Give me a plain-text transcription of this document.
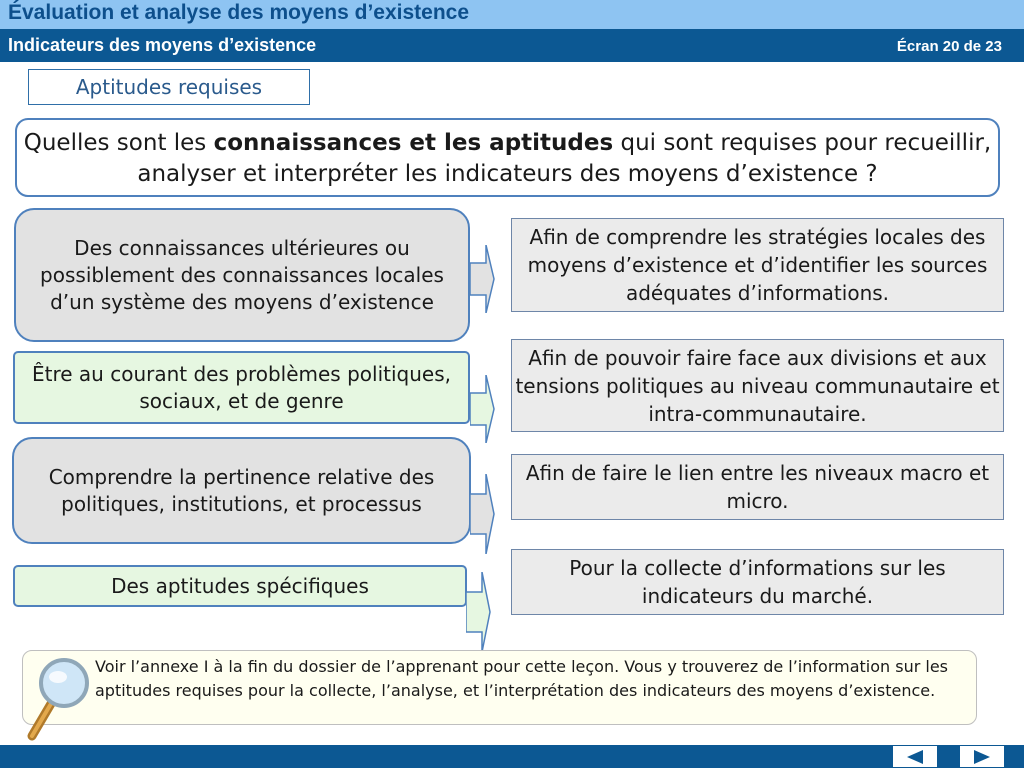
Évaluation et analyse des moyens d’existence
Indicateurs des moyens d’existence	Écran 20 de 23
Aptitudes requises
Quelles sont les connaissances et les aptitudes qui sont requises pour recueillir, analyser et interpréter les indicateurs des moyens d’existence ?
Des connaissances ultérieures ou possiblement des connaissances locales d’un système des moyens d’existence
Afin de comprendre les stratégies locales des moyens d’existence et d’identifier les sources adéquates d’informations.
Être au courant des problèmes politiques, sociaux, et de genre
Afin de pouvoir faire face aux divisions et aux tensions politiques au niveau communautaire et intra-communautaire.
Comprendre la pertinence relative des politiques, institutions, et processus
Afin de faire le lien entre les niveaux macro et micro.
Des aptitudes spécifiques
Pour la collecte d’informations sur les indicateurs du marché.
Voir l’annexe I à la fin du dossier de l’apprenant pour cette leçon. Vous y trouverez de l’information sur les aptitudes requises pour la collecte, l’analyse, et l’interprétation des indicateurs des moyens d’existence.
